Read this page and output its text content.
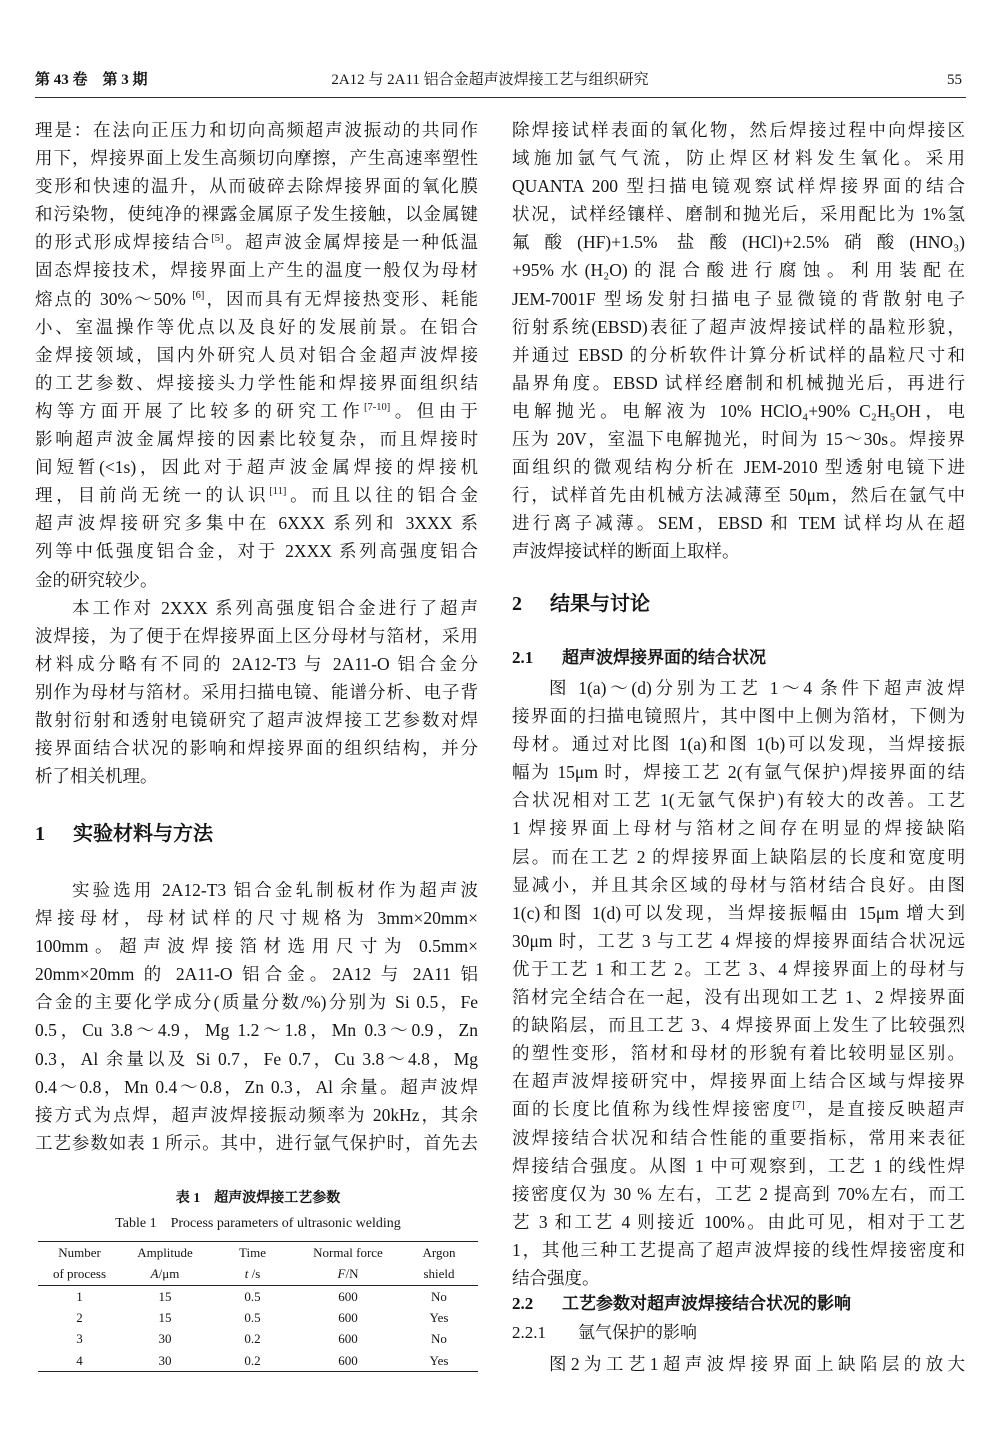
第 43 卷　第 3 期	2A12 与 2A11 铝合金超声波焊接工艺与组织研究	55
理是：在法向正压力和切向高频超声波振动的共同作
用下，焊接界面上发生高频切向摩擦，产生高速率塑性
变形和快速的温升，从而破碎去除焊接界面的氧化膜
和污染物，使纯净的裸露金属原子发生接触，以金属键
的形式形成焊接结合[5]。超声波金属焊接是一种低温
固态焊接技术，焊接界面上产生的温度一般仅为母材
熔点的 30%～50% [6]，因而具有无焊接热变形、耗能
小、室温操作等优点以及良好的发展前景。在铝合
金焊接领域，国内外研究人员对铝合金超声波焊接
的工艺参数、焊接接头力学性能和焊接界面组织结
构等方面开展了比较多的研究工作[7-10]。但由于
影响超声波金属焊接的因素比较复杂，而且焊接时
间短暂(<1s)，因此对于超声波金属焊接的焊接机
理，目前尚无统一的认识[11]。而且以往的铝合金
超声波焊接研究多集中在 6XXX 系列和 3XXX 系
列等中低强度铝合金，对于 2XXX 系列高强度铝合
金的研究较少。
本工作对 2XXX 系列高强度铝合金进行了超声
波焊接，为了便于在焊接界面上区分母材与箔材，采用
材料成分略有不同的 2A12-T3 与 2A11-O 铝合金分
别作为母材与箔材。采用扫描电镜、能谱分析、电子背
散射衍射和透射电镜研究了超声波焊接工艺参数对焊
接界面结合状况的影响和焊接界面的组织结构，并分
析了相关机理。
1 实验材料与方法
实验选用 2A12-T3 铝合金轧制板材作为超声波
焊接母材，母材试样的尺寸规格为 3mm×20mm×
100mm。超声波焊接箔材选用尺寸为 0.5mm×
20mm×20mm 的 2A11-O 铝合金。2A12 与 2A11 铝
合金的主要化学成分(质量分数/%)分别为 Si 0.5，Fe
0.5，Cu 3.8～4.9，Mg 1.2～1.8，Mn 0.3～0.9，Zn
0.3，Al 余量以及 Si 0.7，Fe 0.7，Cu 3.8～4.8，Mg
0.4～0.8，Mn 0.4～0.8，Zn 0.3，Al 余量。超声波焊
接方式为点焊，超声波焊接振动频率为 20kHz，其余
工艺参数如表 1 所示。其中，进行氩气保护时，首先去
表 1　超声波焊接工艺参数
Table 1　Process parameters of ultrasonic welding
Number	Amplitude	Time	Normal force	Argon
of process	A/μm	t /s	F/N	shield
1	15	0.5	600	No
2	15	0.5	600	Yes
3	30	0.2	600	No
4	30	0.2	600	Yes
除焊接试样表面的氧化物，然后焊接过程中向焊接区
域施加氩气气流，防止焊区材料发生氧化。采用
QUANTA 200 型扫描电镜观察试样焊接界面的结合
状况，试样经镶样、磨制和抛光后，采用配比为 1%氢
氟酸(HF)+1.5% 盐酸(HCl)+2.5%硝酸(HNO₃)
+95%水(H₂O)的混合酸进行腐蚀。利用装配在
JEM-7001F 型场发射扫描电子显微镜的背散射电子
衍射系统(EBSD)表征了超声波焊接试样的晶粒形貌，
并通过 EBSD 的分析软件计算分析试样的晶粒尺寸和
晶界角度。EBSD 试样经磨制和机械抛光后，再进行
电解抛光。电解液为 10% HClO₄+90% C₂H₅OH，电
压为 20V，室温下电解抛光，时间为 15～30s。焊接界
面组织的微观结构分析在 JEM-2010 型透射电镜下进
行，试样首先由机械方法减薄至 50μm，然后在氩气中
进行离子减薄。SEM，EBSD 和 TEM 试样均从在超
声波焊接试样的断面上取样。
2 结果与讨论
2.1 超声波焊接界面的结合状况
图 1(a)～(d)分别为工艺 1～4 条件下超声波焊
接界面的扫描电镜照片，其中图中上侧为箔材，下侧为
母材。通过对比图 1(a)和图 1(b)可以发现，当焊接振
幅为 15μm 时，焊接工艺 2(有氩气保护)焊接界面的结
合状况相对工艺 1(无氩气保护)有较大的改善。工艺
1 焊接界面上母材与箔材之间存在明显的焊接缺陷
层。而在工艺 2 的焊接界面上缺陷层的长度和宽度明
显减小，并且其余区域的母材与箔材结合良好。由图
1(c)和图 1(d)可以发现，当焊接振幅由 15μm 增大到
30μm 时，工艺 3 与工艺 4 焊接的焊接界面结合状况远
优于工艺 1 和工艺 2。工艺 3、4 焊接界面上的母材与
箔材完全结合在一起，没有出现如工艺 1、2 焊接界面
的缺陷层，而且工艺 3、4 焊接界面上发生了比较强烈
的塑性变形，箔材和母材的形貌有着比较明显区别。
在超声波焊接研究中，焊接界面上结合区域与焊接界
面的长度比值称为线性焊接密度[7]，是直接反映超声
波焊接结合状况和结合性能的重要指标，常用来表征
焊接结合强度。从图 1 中可观察到，工艺 1 的线性焊
接密度仅为 30 % 左右，工艺 2 提高到 70%左右，而工
艺 3 和工艺 4 则接近 100%。由此可见，相对于工艺
1，其他三种工艺提高了超声波焊接的线性焊接密度和
结合强度。
2.2 工艺参数对超声波焊接结合状况的影响
2.2.1 氩气保护的影响
图2为工艺1超声波焊接界面上缺陷层的放大
